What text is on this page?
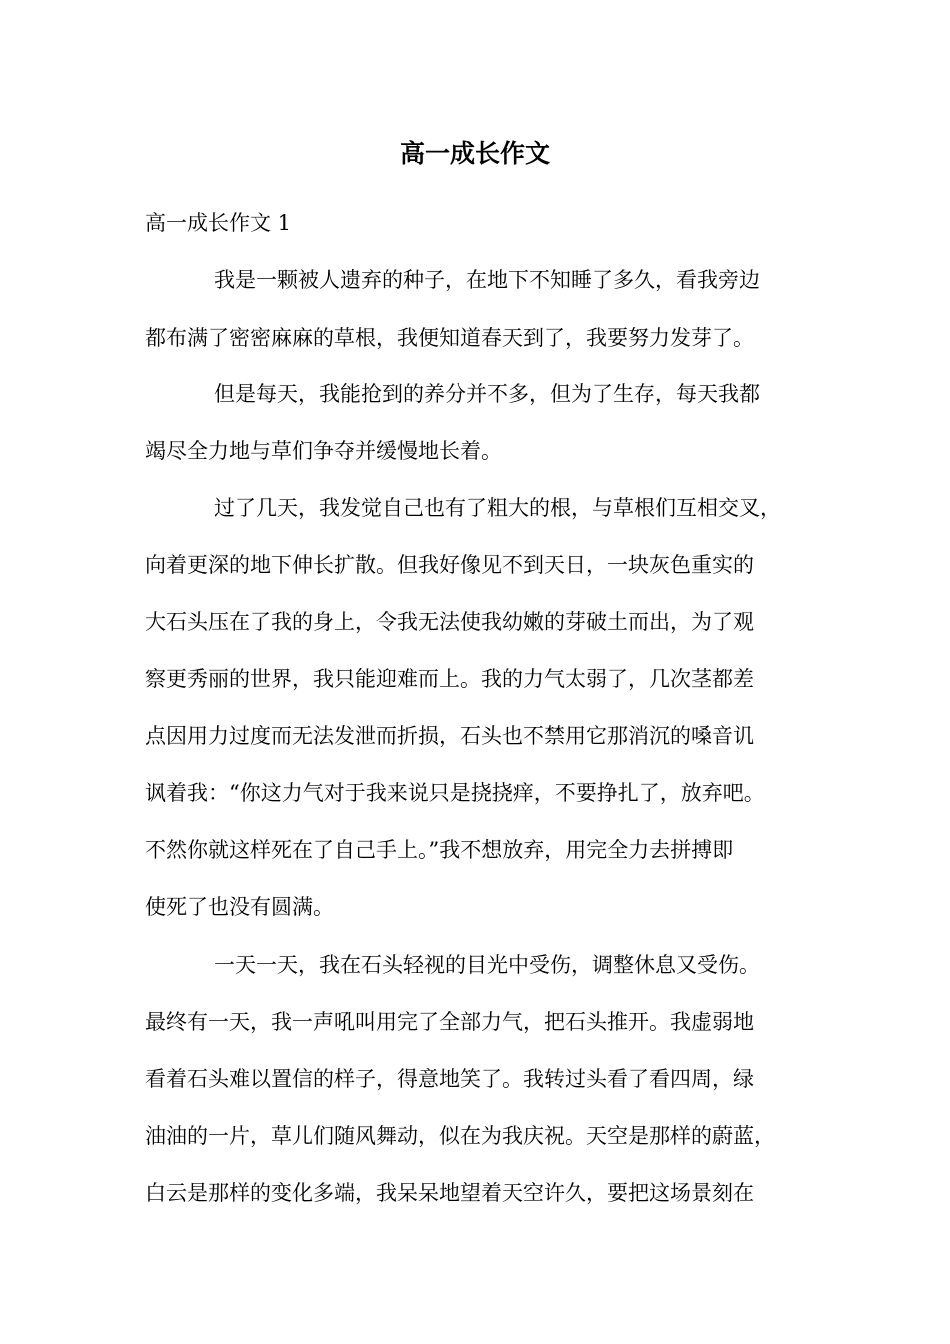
高一成长作文

高一成长作文 1

我是一颗被人遗弃的种子，在地下不知睡了多久，看我旁边

都布满了密密麻麻的草根，我便知道春天到了，我要努力发芽了。

但是每天，我能抢到的养分并不多，但为了生存，每天我都

竭尽全力地与草们争夺并缓慢地长着。

过了几天，我发觉自己也有了粗大的根，与草根们互相交叉，

向着更深的地下伸长扩散。但我好像见不到天日，一块灰色重实的

大石头压在了我的身上，令我无法使我幼嫩的芽破土而出，为了观

察更秀丽的世界，我只能迎难而上。我的力气太弱了，几次茎都差

点因用力过度而无法发泄而折损，石头也不禁用它那消沉的嗓音讥

讽着我：“你这力气对于我来说只是挠挠痒，不要挣扎了，放弃吧。

不然你就这样死在了自己手上。”我不想放弃，用完全力去拼搏即

使死了也没有圆满。

一天一天，我在石头轻视的目光中受伤，调整休息又受伤。

最终有一天，我一声吼叫用完了全部力气，把石头推开。我虚弱地

看着石头难以置信的样子，得意地笑了。我转过头看了看四周，绿

油油的一片，草儿们随风舞动，似在为我庆祝。天空是那样的蔚蓝，

白云是那样的变化多端，我呆呆地望着天空许久，要把这场景刻在
